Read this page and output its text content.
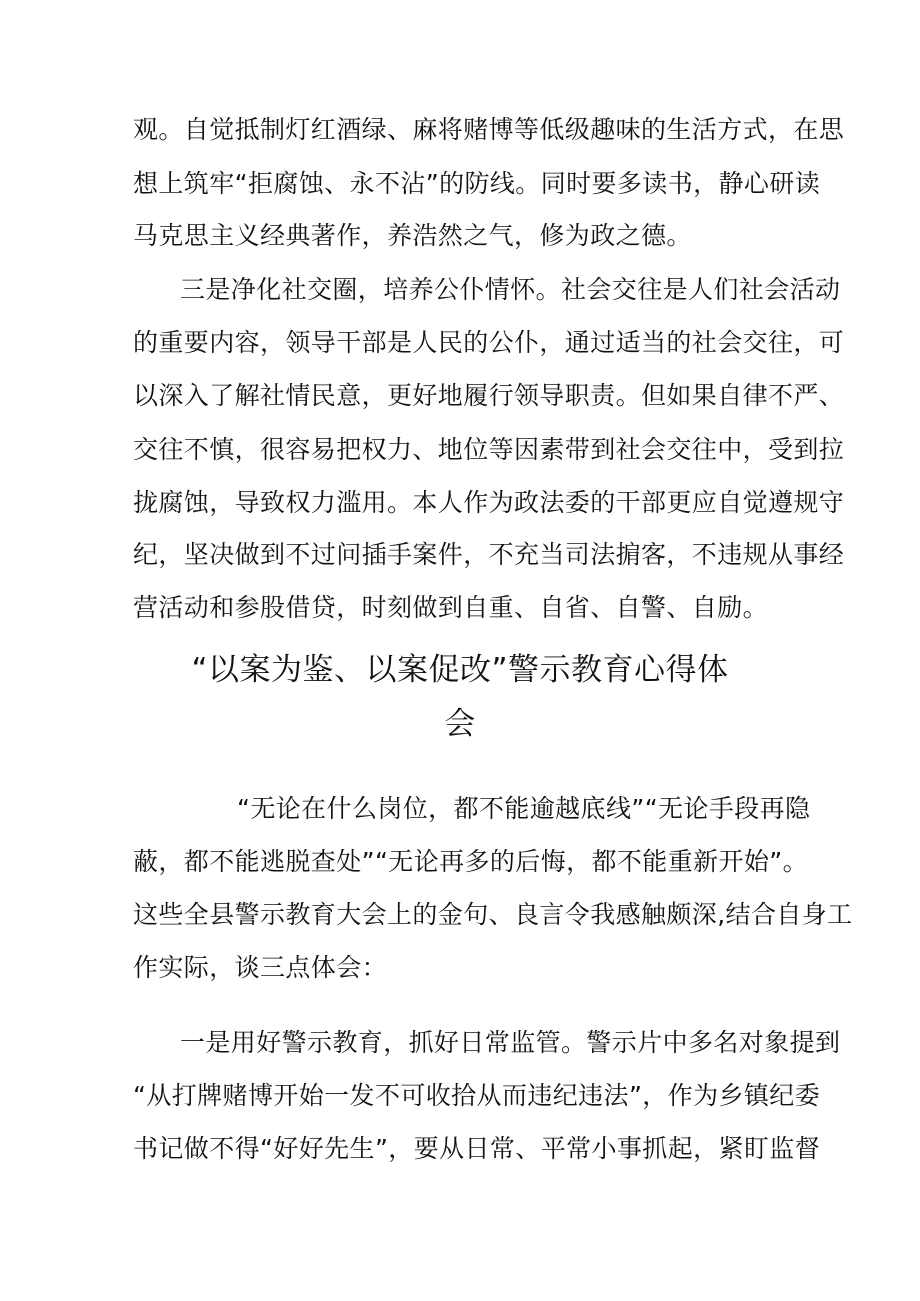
观。自觉抵制灯红酒绿、麻将赌博等低级趣味的生活方式，在思
想上筑牢“拒腐蚀、永不沾”的防线。同时要多读书，静心研读
马克思主义经典著作，养浩然之气，修为政之德。
三是净化社交圈，培养公仆情怀。社会交往是人们社会活动
的重要内容，领导干部是人民的公仆，通过适当的社会交往，可
以深入了解社情民意，更好地履行领导职责。但如果自律不严、
交往不慎，很容易把权力、地位等因素带到社会交往中，受到拉
拢腐蚀，导致权力滥用。本人作为政法委的干部更应自觉遵规守
纪，坚决做到不过问插手案件，不充当司法掮客，不违规从事经
营活动和参股借贷，时刻做到自重、自省、自警、自励。
“以案为鉴、以案促改”警示教育心得体
会
“无论在什么岗位，都不能逾越底线”“无论手段再隐
蔽，都不能逃脱查处”“无论再多的后悔，都不能重新开始”。
这些全县警示教育大会上的金句、良言令我感触颇深,结合自身工
作实际，谈三点体会：
一是用好警示教育，抓好日常监管。警示片中多名对象提到
“从打牌赌博开始一发不可收拾从而违纪违法”，作为乡镇纪委
书记做不得“好好先生”，要从日常、平常小事抓起，紧盯监督
